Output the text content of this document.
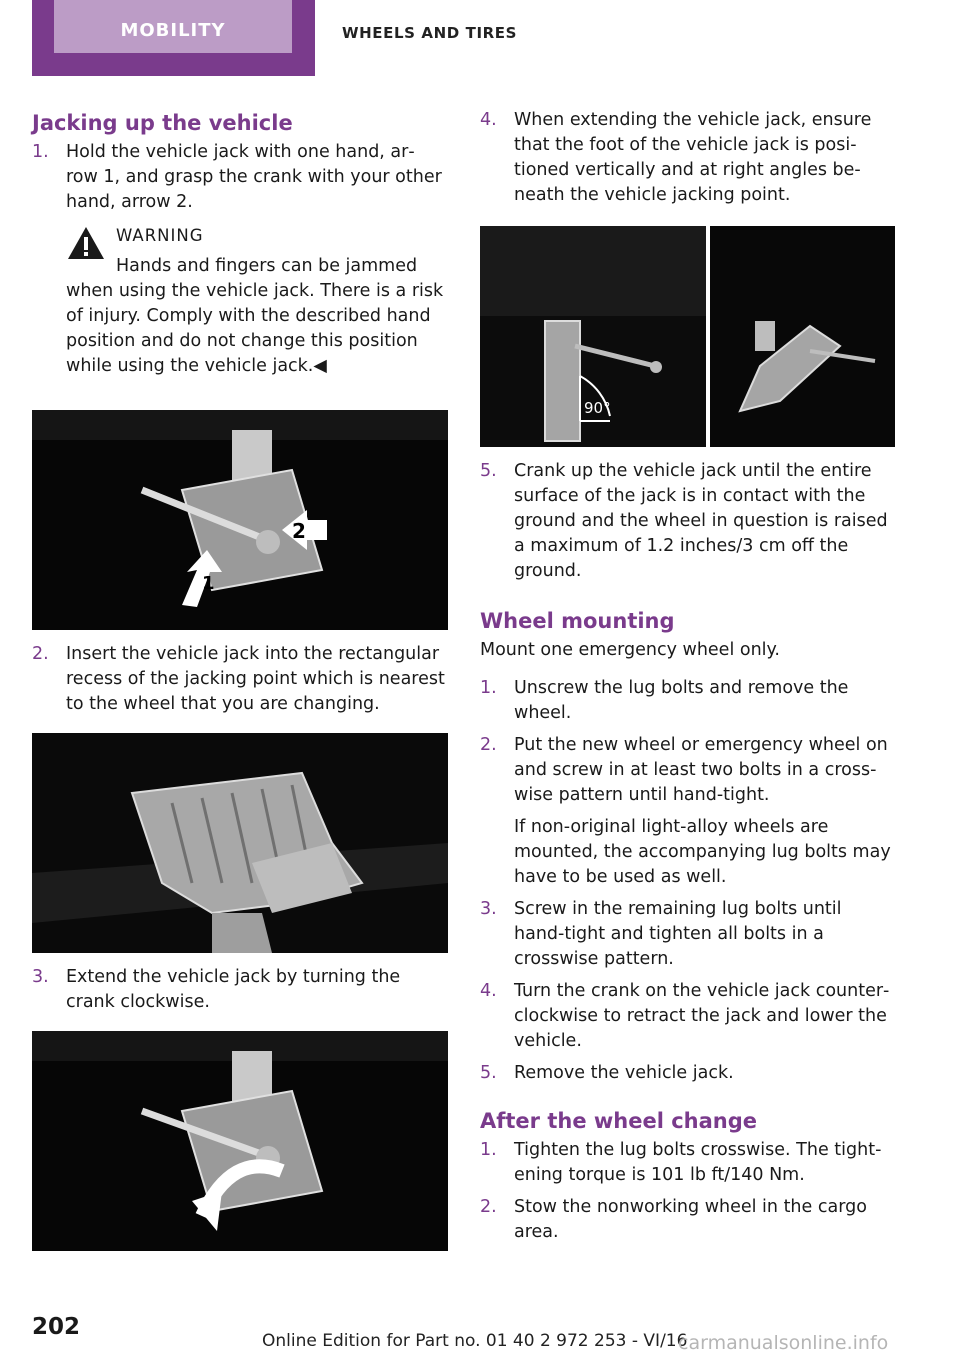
MOBILITY	WHEELS AND TIRES
Jacking up the vehicle
1. Hold the vehicle jack with one hand, ar‐ row 1, and grasp the crank with your other hand, arrow 2.
WARNING
Hands and fingers can be jammed
when using the vehicle jack. There is a risk of injury. Comply with the described hand position and do not change this position while using the vehicle jack.◀
2
1
2. Insert the vehicle jack into the rectangular recess of the jacking point which is nearest to the wheel that you are changing.
3. Extend the vehicle jack by turning the crank clockwise.
4. When extending the vehicle jack, ensure that the foot of the vehicle jack is posi‐ tioned vertically and at right angles be‐ neath the vehicle jacking point.
90°
5. Crank up the vehicle jack until the entire surface of the jack is in contact with the ground and the wheel in question is raised a maximum of 1.2 inches/3 cm off the ground.
Wheel mounting
Mount one emergency wheel only.
1. Unscrew the lug bolts and remove the wheel.
2. Put the new wheel or emergency wheel on and screw in at least two bolts in a cross‐ wise pattern until hand-tight.
If non-original light-alloy wheels are mounted, the accompanying lug bolts may have to be used as well.
3. Screw in the remaining lug bolts until hand-tight and tighten all bolts in a crosswise pattern.
4. Turn the crank on the vehicle jack counter‐ clockwise to retract the jack and lower the vehicle.
5. Remove the vehicle jack.
After the wheel change
1. Tighten the lug bolts crosswise. The tight‐ ening torque is 101 lb ft/140 Nm.
2. Stow the nonworking wheel in the cargo area.
202
Online Edition for Part no. 01 40 2 972 253 - VI/16
carmanualsonline.info
